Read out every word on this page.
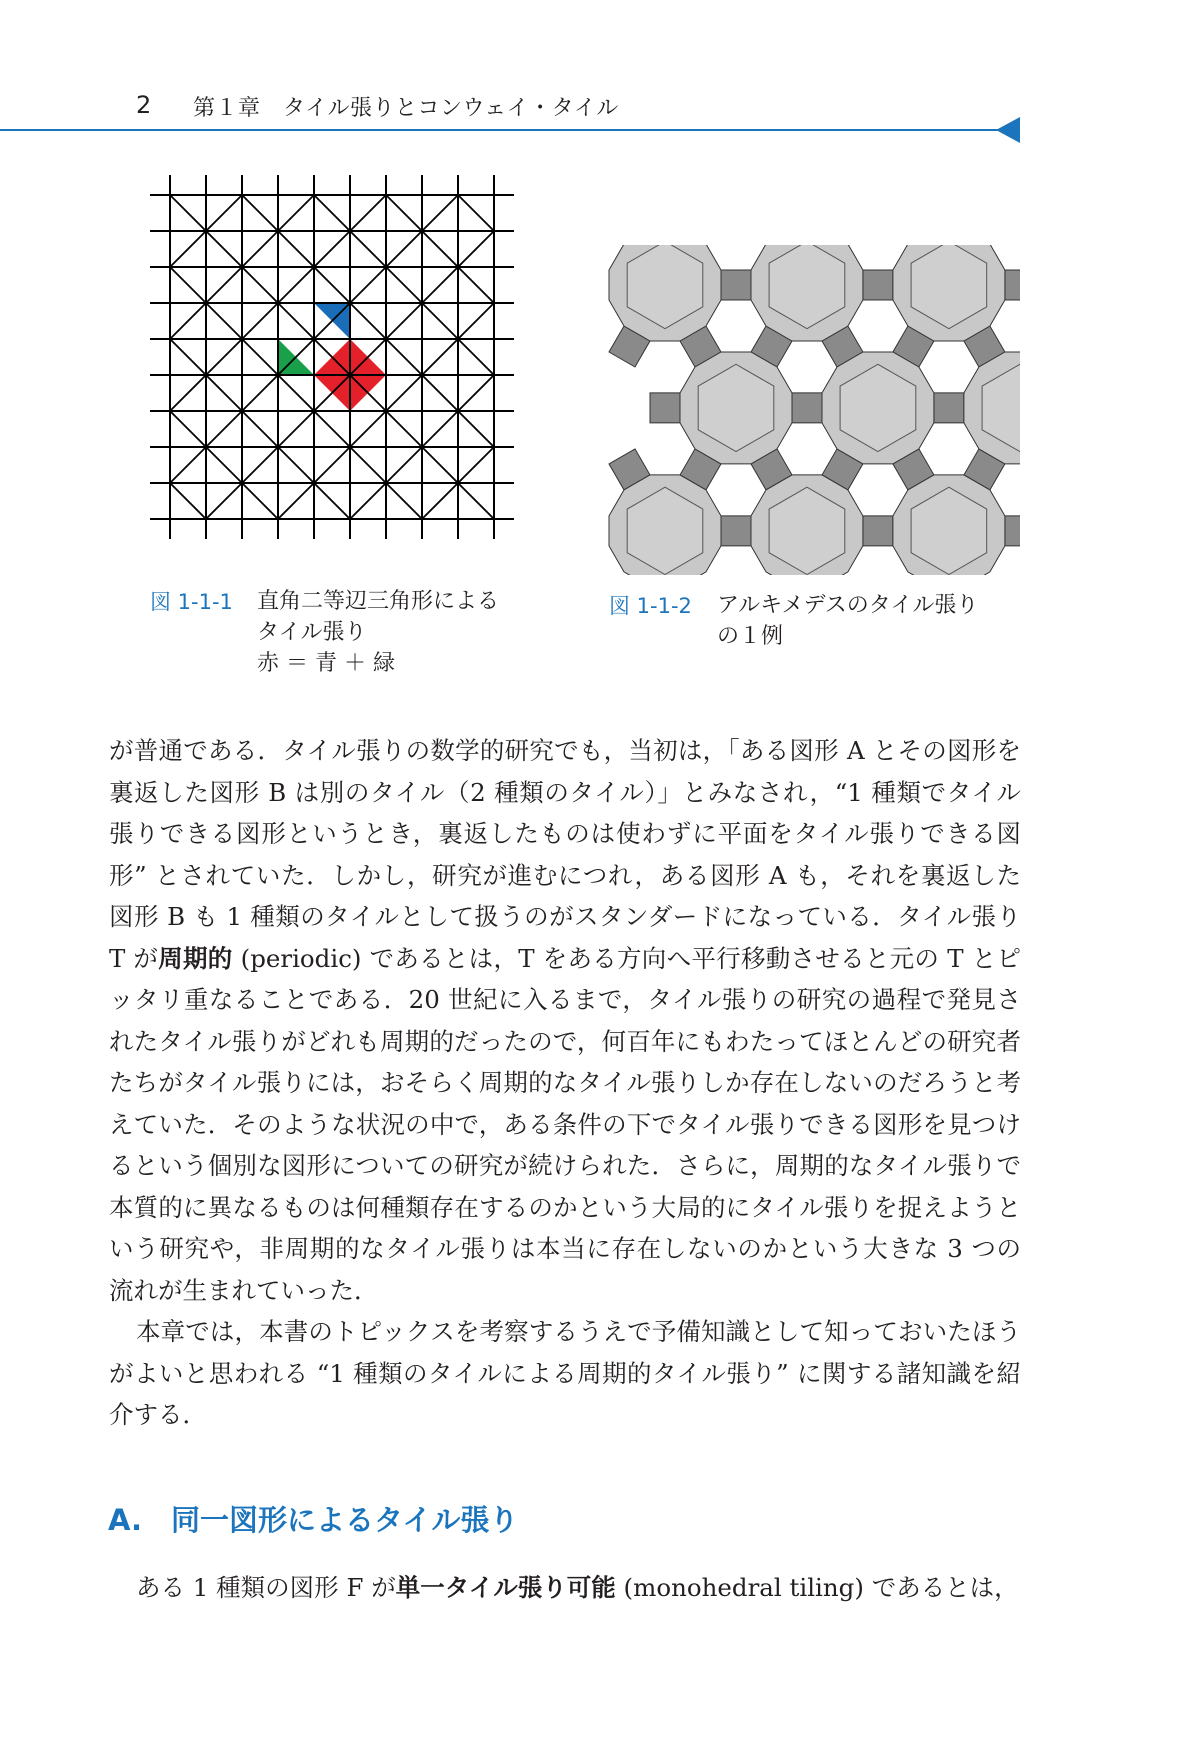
2 第１章　タイル張りとコンウェイ・タイル
図 1-1-1 直角二等辺三角形による
タイル張り
赤 ＝ 青 ＋ 緑
図 1-1-2 アルキメデスのタイル張り
の１例

が普通である．タイル張りの数学的研究でも，当初は，「ある図形 A とその図形を裏返した図形 B は別のタイル（2 種類のタイル）」とみなされ，“1 種類でタイル張りできる図形というとき，裏返したものは使わずに平面をタイル張りできる図形” とされていた．しかし，研究が進むにつれ，ある図形 A も，それを裏返した図形 B も 1 種類のタイルとして扱うのがスタンダードになっている．タイル張り T が周期的 (periodic) であるとは，T をある方向へ平行移動させると元の T とピッタリ重なることである．20 世紀に入るまで，タイル張りの研究の過程で発見されたタイル張りがどれも周期的だったので，何百年にもわたってほとんどの研究者たちがタイル張りには，おそらく周期的なタイル張りしか存在しないのだろうと考えていた．そのような状況の中で，ある条件の下でタイル張りできる図形を見つけるという個別な図形についての研究が続けられた．さらに，周期的なタイル張りで本質的に異なるものは何種類存在するのかという大局的にタイル張りを捉えようという研究や，非周期的なタイル張りは本当に存在しないのかという大きな 3 つの流れが生まれていった．

本章では，本書のトピックスを考察するうえで予備知識として知っておいたほうがよいと思われる “1 種類のタイルによる周期的タイル張り” に関する諸知識を紹介する．

A.　同一図形によるタイル張り
ある 1 種類の図形 F が単一タイル張り可能 (monohedral tiling) であるとは，
